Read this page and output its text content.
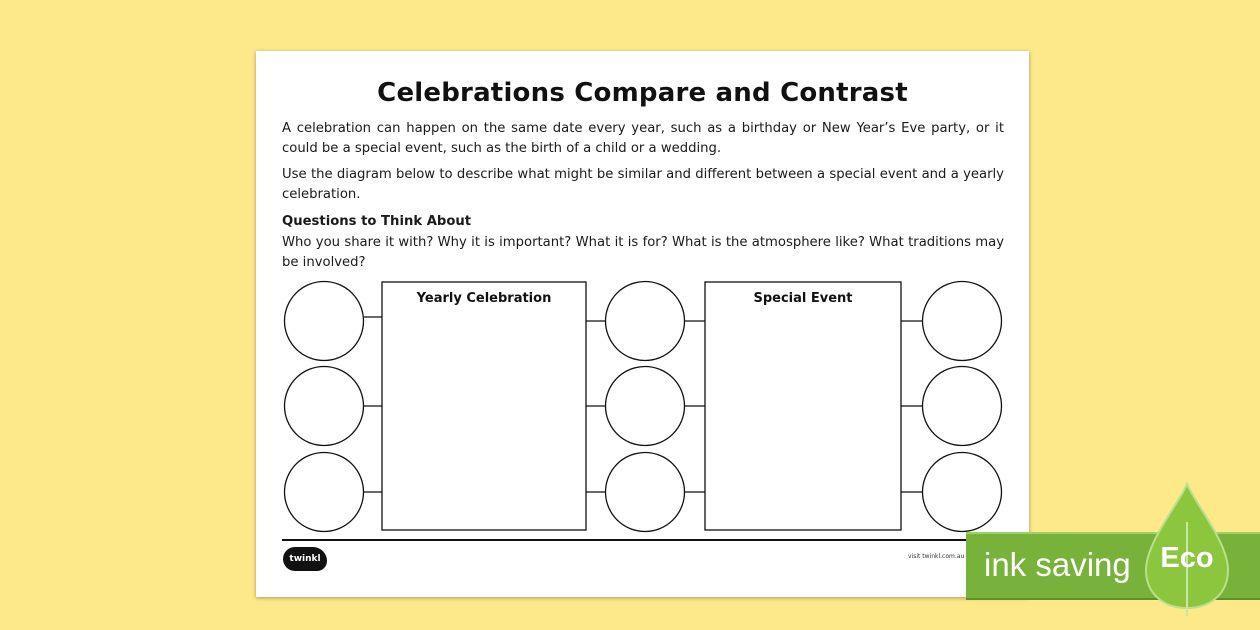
Celebrations Compare and Contrast
A celebration can happen on the same date every year, such as a birthday or New Year’s Eve party, or it could be a special event, such as the birth of a child or a wedding.
Use the diagram below to describe what might be similar and different between a special event and a yearly celebration.
Questions to Think About
Who you share it with? Why it is important? What it is for? What is the atmosphere like? What traditions may be involved?
Yearly Celebration	Special Event
twinkl	visit twinkl.com.au ink saving Eco
